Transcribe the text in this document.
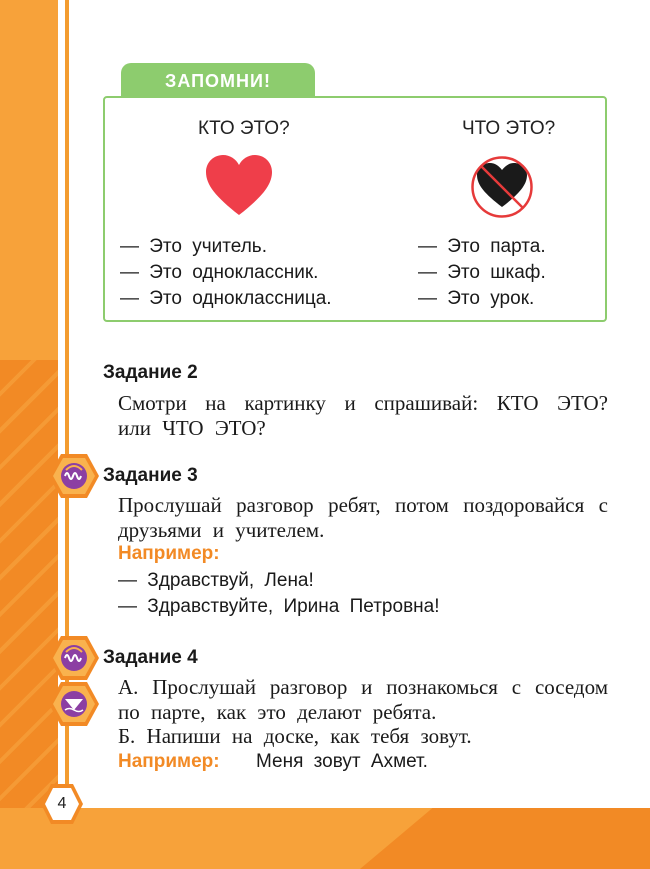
ЗАПОМНИ!
КТО ЭТО?	ЧТО ЭТО?
— Это учитель.
— Это одноклассник.
— Это одноклассница.
— Это парта.
— Это шкаф.
— Это урок.
Задание 2
Смотри на картинку и спрашивай: КТО ЭТО? или ЧТО ЭТО?
Задание 3
Прослушай разговор ребят, потом поздоровайся с друзьями и учителем.
Например:
— Здравствуй, Лена!
— Здравствуйте, Ирина Петровна!
Задание 4
А. Прослушай разговор и познакомься с соседом по парте, как это делают ребята.
Б. Напиши на доске, как тебя зовут.
Например: Меня зовут Ахмет.
4
